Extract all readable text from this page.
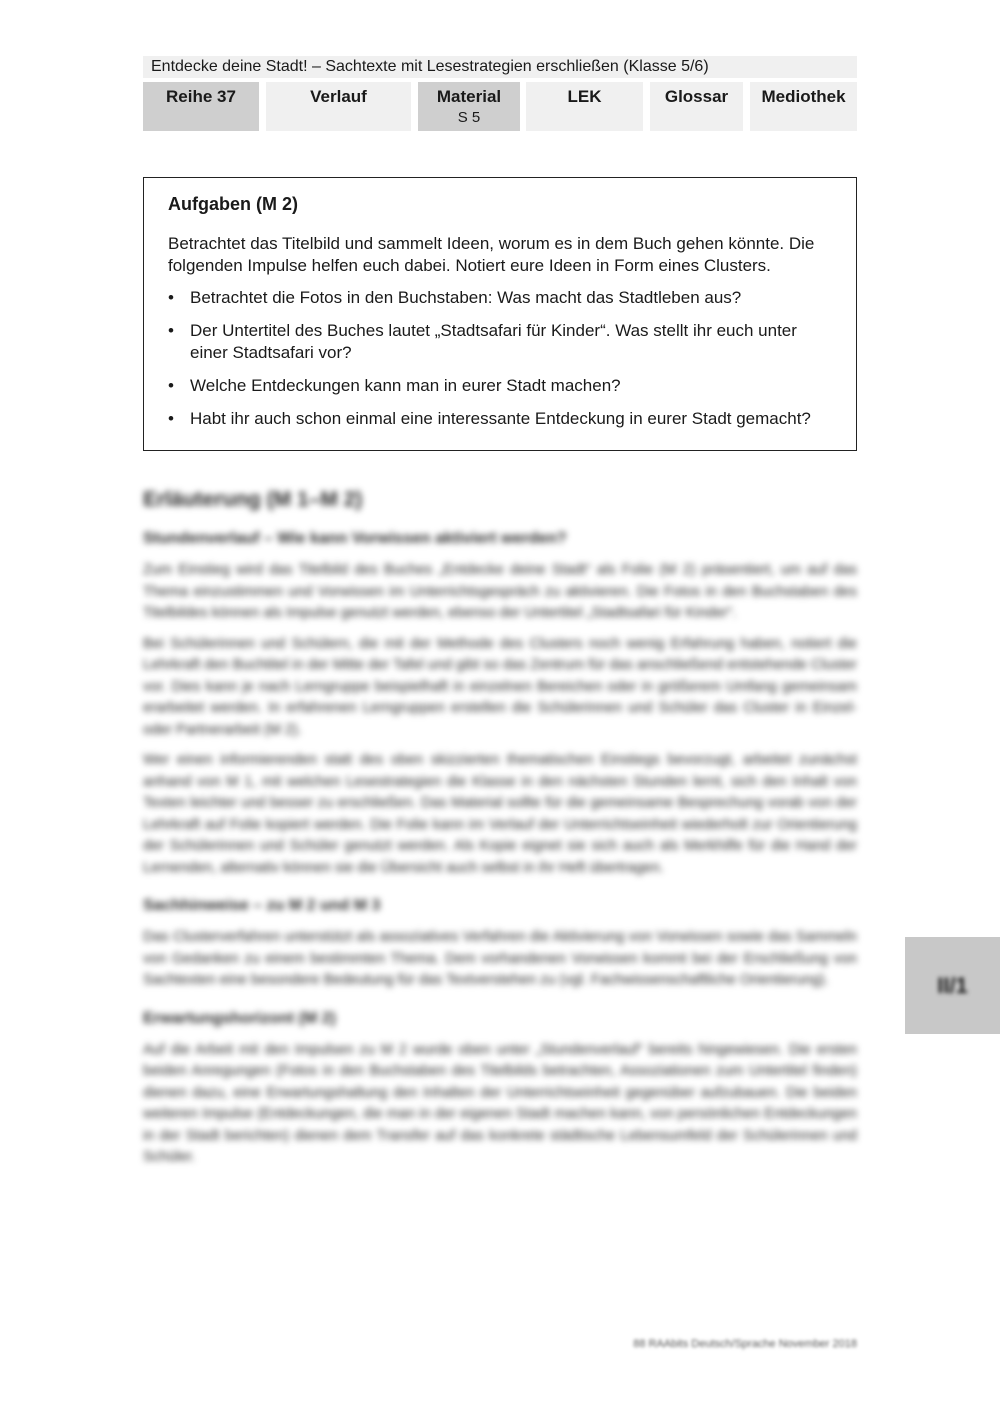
Entdecke deine Stadt! – Sachtexte mit Lesestrategien erschließen (Klasse 5/6)
Reihe 37	Verlauf	Material
S 5
LEK	Glossar	Mediothek
Aufgaben (M 2)

Betrachtet das Titelbild und sammelt Ideen, worum es in dem Buch gehen könnte. Die folgenden Impulse helfen euch dabei. Notiert eure Ideen in Form eines Clusters.

• Betrachtet die Fotos in den Buchstaben: Was macht das Stadtleben aus?
• Der Untertitel des Buches lautet „Stadtsafari für Kinder“. Was stellt ihr euch unter einer Stadtsafari vor?
• Welche Entdeckungen kann man in eurer Stadt machen?
• Habt ihr auch schon einmal eine interessante Entdeckung in eurer Stadt gemacht?
Erläuterung (M 1–M 2)
Stundenverlauf – Wie kann Vorwissen aktiviert werden?

Zum Einstieg wird das Titelbild des Buches „Entdecke deine Stadt“ als Folie (M 2) präsentiert, um auf das Thema einzustimmen und Vorwissen im Unterrichtsgespräch zu aktivieren. Die Fotos in den Buchstaben des Titelbildes können als Impulse genutzt werden, ebenso der Untertitel „Stadtsafari für Kinder“.

Bei Schülerinnen und Schülern, die mit der Methode des Clusters noch wenig Erfahrung haben, notiert die Lehrkraft den Buchtitel in der Mitte der Tafel und gibt so das Zentrum für das anschließend entstehende Cluster vor. Dies kann je nach Lerngruppe beispielhaft in einzelnen Bereichen oder in größerem Umfang gemeinsam erarbeitet werden. In erfahrenen Lerngruppen erstellen die Schülerinnen und Schüler das Cluster in Einzel- oder Partnerarbeit (M 2).

Wer einen informierenden statt des oben skizzierten thematischen Einstiegs bevorzugt, arbeitet zunächst anhand von M 1, mit welchen Lesestrategien die Klasse in den nächsten Stunden lernt, sich den Inhalt von Texten leichter und besser zu erschließen. Das Material sollte für die gemeinsame Besprechung vorab von der Lehrkraft auf Folie kopiert werden. Die Folie kann im Verlauf der Unterrichtseinheit wiederholt zur Orientierung der Schülerinnen und Schüler genutzt werden. Als Kopie eignet sie sich auch als Merkhilfe für die Hand der Lernenden, alternativ können sie die Übersicht auch selbst in ihr Heft übertragen.

Sachhinweise – zu M 2 und M 3

Das Clusterverfahren unterstützt als assoziatives Verfahren die Aktivierung von Vorwissen sowie das Sammeln von Gedanken zu einem bestimmten Thema. Dem vorhandenen Vorwissen kommt bei der Erschließung von Sachtexten eine besondere Bedeutung für das Textverstehen zu (vgl. Fachwissenschaftliche Orientierung).

Erwartungshorizont (M 2)

Auf die Arbeit mit den Impulsen zu M 2 wurde oben unter „Stundenverlauf“ bereits hingewiesen. Die ersten beiden Anregungen (Fotos in den Buchstaben des Titelbilds betrachten, Assoziationen zum Untertitel finden) dienen dazu, eine Erwartungshaltung den Inhalten der Unterrichtseinheit gegenüber aufzubauen. Die beiden weiteren Impulse (Entdeckungen, die man in der eigenen Stadt machen kann, von persönlichen Entdeckungen in der Stadt berichten) dienen dem Transfer auf das konkrete städtische Lebensumfeld der Schülerinnen und Schüler.

II/1
88 RAAbits Deutsch/Sprache November 2018
